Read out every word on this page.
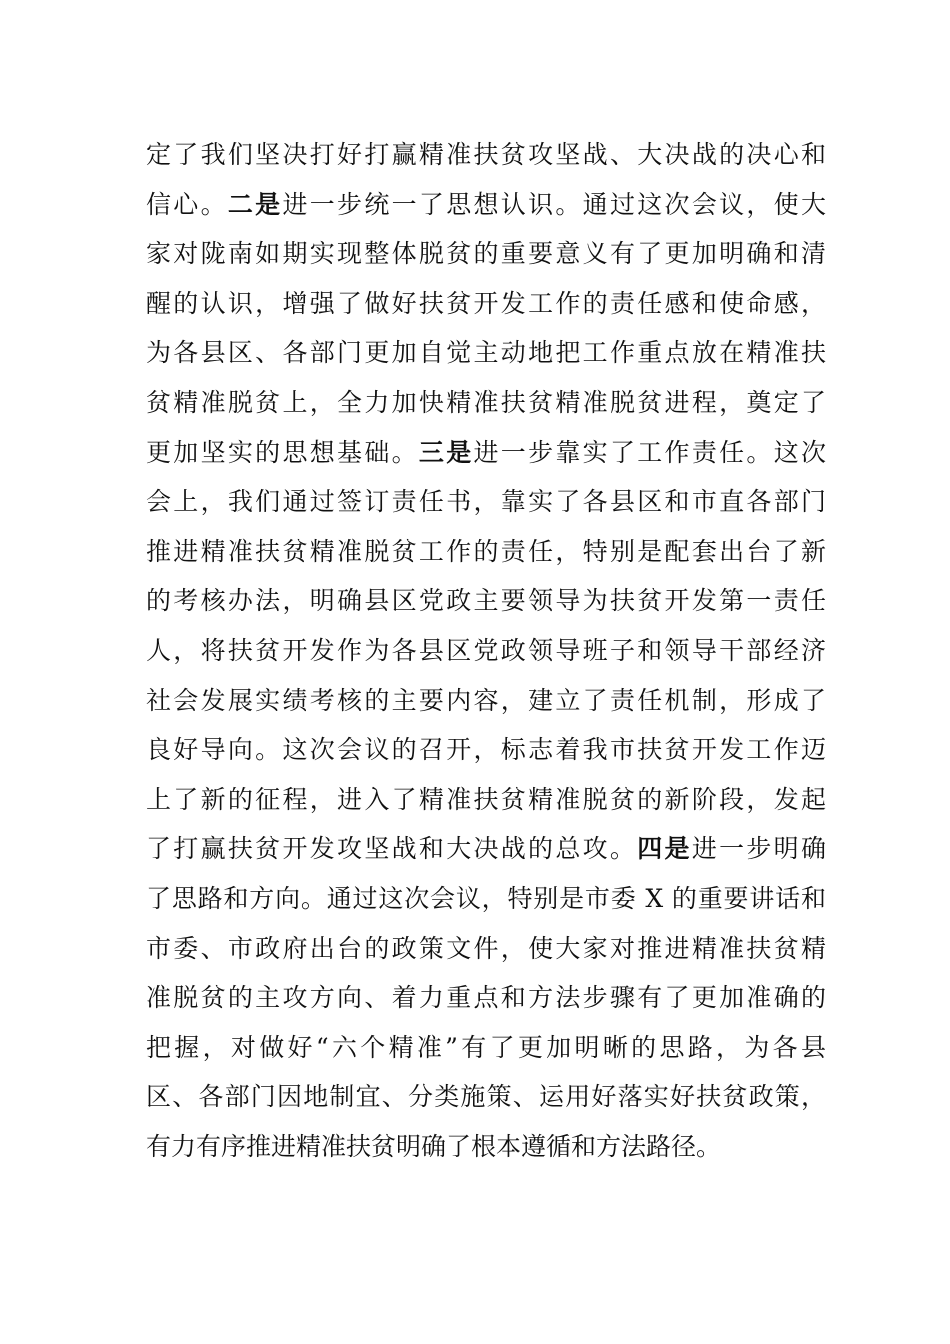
定了我们坚决打好打赢精准扶贫攻坚战、大决战的决心和
信心。二是进一步统一了思想认识。通过这次会议，使大
家对陇南如期实现整体脱贫的重要意义有了更加明确和清
醒的认识，增强了做好扶贫开发工作的责任感和使命感，
为各县区、各部门更加自觉主动地把工作重点放在精准扶
贫精准脱贫上，全力加快精准扶贫精准脱贫进程，奠定了
更加坚实的思想基础。三是进一步靠实了工作责任。这次
会上，我们通过签订责任书，靠实了各县区和市直各部门
推进精准扶贫精准脱贫工作的责任，特别是配套出台了新
的考核办法，明确县区党政主要领导为扶贫开发第一责任
人，将扶贫开发作为各县区党政领导班子和领导干部经济
社会发展实绩考核的主要内容，建立了责任机制，形成了
良好导向。这次会议的召开，标志着我市扶贫开发工作迈
上了新的征程，进入了精准扶贫精准脱贫的新阶段，发起
了打赢扶贫开发攻坚战和大决战的总攻。四是进一步明确
了思路和方向。通过这次会议，特别是市委 X 的重要讲话和
市委、市政府出台的政策文件，使大家对推进精准扶贫精
准脱贫的主攻方向、着力重点和方法步骤有了更加准确的
把握，对做好“六个精准”有了更加明晰的思路，为各县
区、各部门因地制宜、分类施策、运用好落实好扶贫政策，
有力有序推进精准扶贫明确了根本遵循和方法路径。
